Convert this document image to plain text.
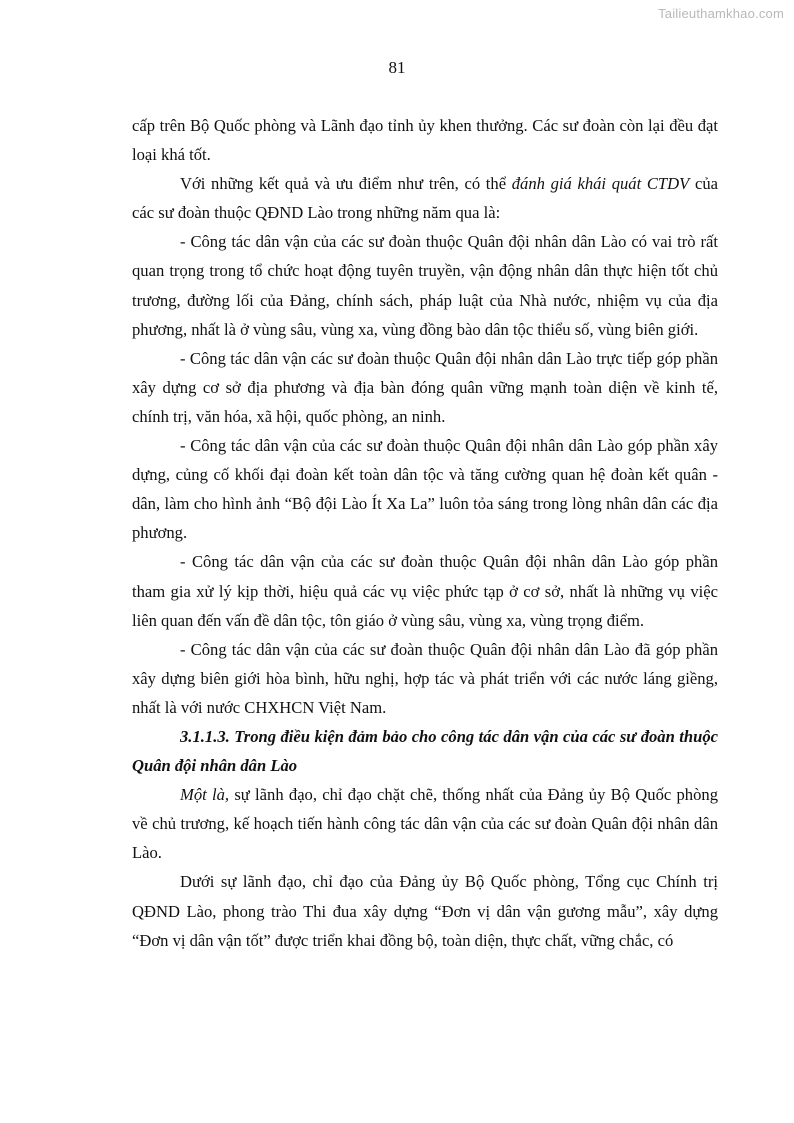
Tailieuthamkhao.com
81

cấp trên Bộ Quốc phòng và Lãnh đạo tỉnh ủy khen thưởng. Các sư đoàn còn lại đều đạt loại khá tốt.

Với những kết quả và ưu điểm như trên, có thể đánh giá khái quát CTDV của các sư đoàn thuộc QĐND Lào trong những năm qua là:

- Công tác dân vận của các sư đoàn thuộc Quân đội nhân dân Lào có vai trò rất quan trọng trong tổ chức hoạt động tuyên truyền, vận động nhân dân thực hiện tốt chủ trương, đường lối của Đảng, chính sách, pháp luật của Nhà nước, nhiệm vụ của địa phương, nhất là ở vùng sâu, vùng xa, vùng đồng bào dân tộc thiểu số, vùng biên giới.

- Công tác dân vận các sư đoàn thuộc Quân đội nhân dân Lào trực tiếp góp phần xây dựng cơ sở địa phương và địa bàn đóng quân vững mạnh toàn diện về kinh tế, chính trị, văn hóa, xã hội, quốc phòng, an ninh.

- Công tác dân vận của các sư đoàn thuộc Quân đội nhân dân Lào góp phần xây dựng, củng cố khối đại đoàn kết toàn dân tộc và tăng cường quan hệ đoàn kết quân - dân, làm cho hình ảnh “Bộ đội Lào Ít Xa La” luôn tỏa sáng trong lòng nhân dân các địa phương.

- Công tác dân vận của các sư đoàn thuộc Quân đội nhân dân Lào góp phần tham gia xử lý kịp thời, hiệu quả các vụ việc phức tạp ở cơ sở, nhất là những vụ việc liên quan đến vấn đề dân tộc, tôn giáo ở vùng sâu, vùng xa, vùng trọng điểm.

- Công tác dân vận của các sư đoàn thuộc Quân đội nhân dân Lào đã góp phần xây dựng biên giới hòa bình, hữu nghị, hợp tác và phát triển với các nước láng giềng, nhất là với nước CHXHCN Việt Nam.

3.1.1.3. Trong điều kiện đảm bảo cho công tác dân vận của các sư đoàn thuộc Quân đội nhân dân Lào

Một là, sự lãnh đạo, chỉ đạo chặt chẽ, thống nhất của Đảng ủy Bộ Quốc phòng về chủ trương, kế hoạch tiến hành công tác dân vận của các sư đoàn Quân đội nhân dân Lào.

Dưới sự lãnh đạo, chỉ đạo của Đảng ủy Bộ Quốc phòng, Tổng cục Chính trị QĐND Lào, phong trào Thi đua xây dựng “Đơn vị dân vận gương mẫu”, xây dựng “Đơn vị dân vận tốt” được triển khai đồng bộ, toàn diện, thực chất, vững chắc, có
